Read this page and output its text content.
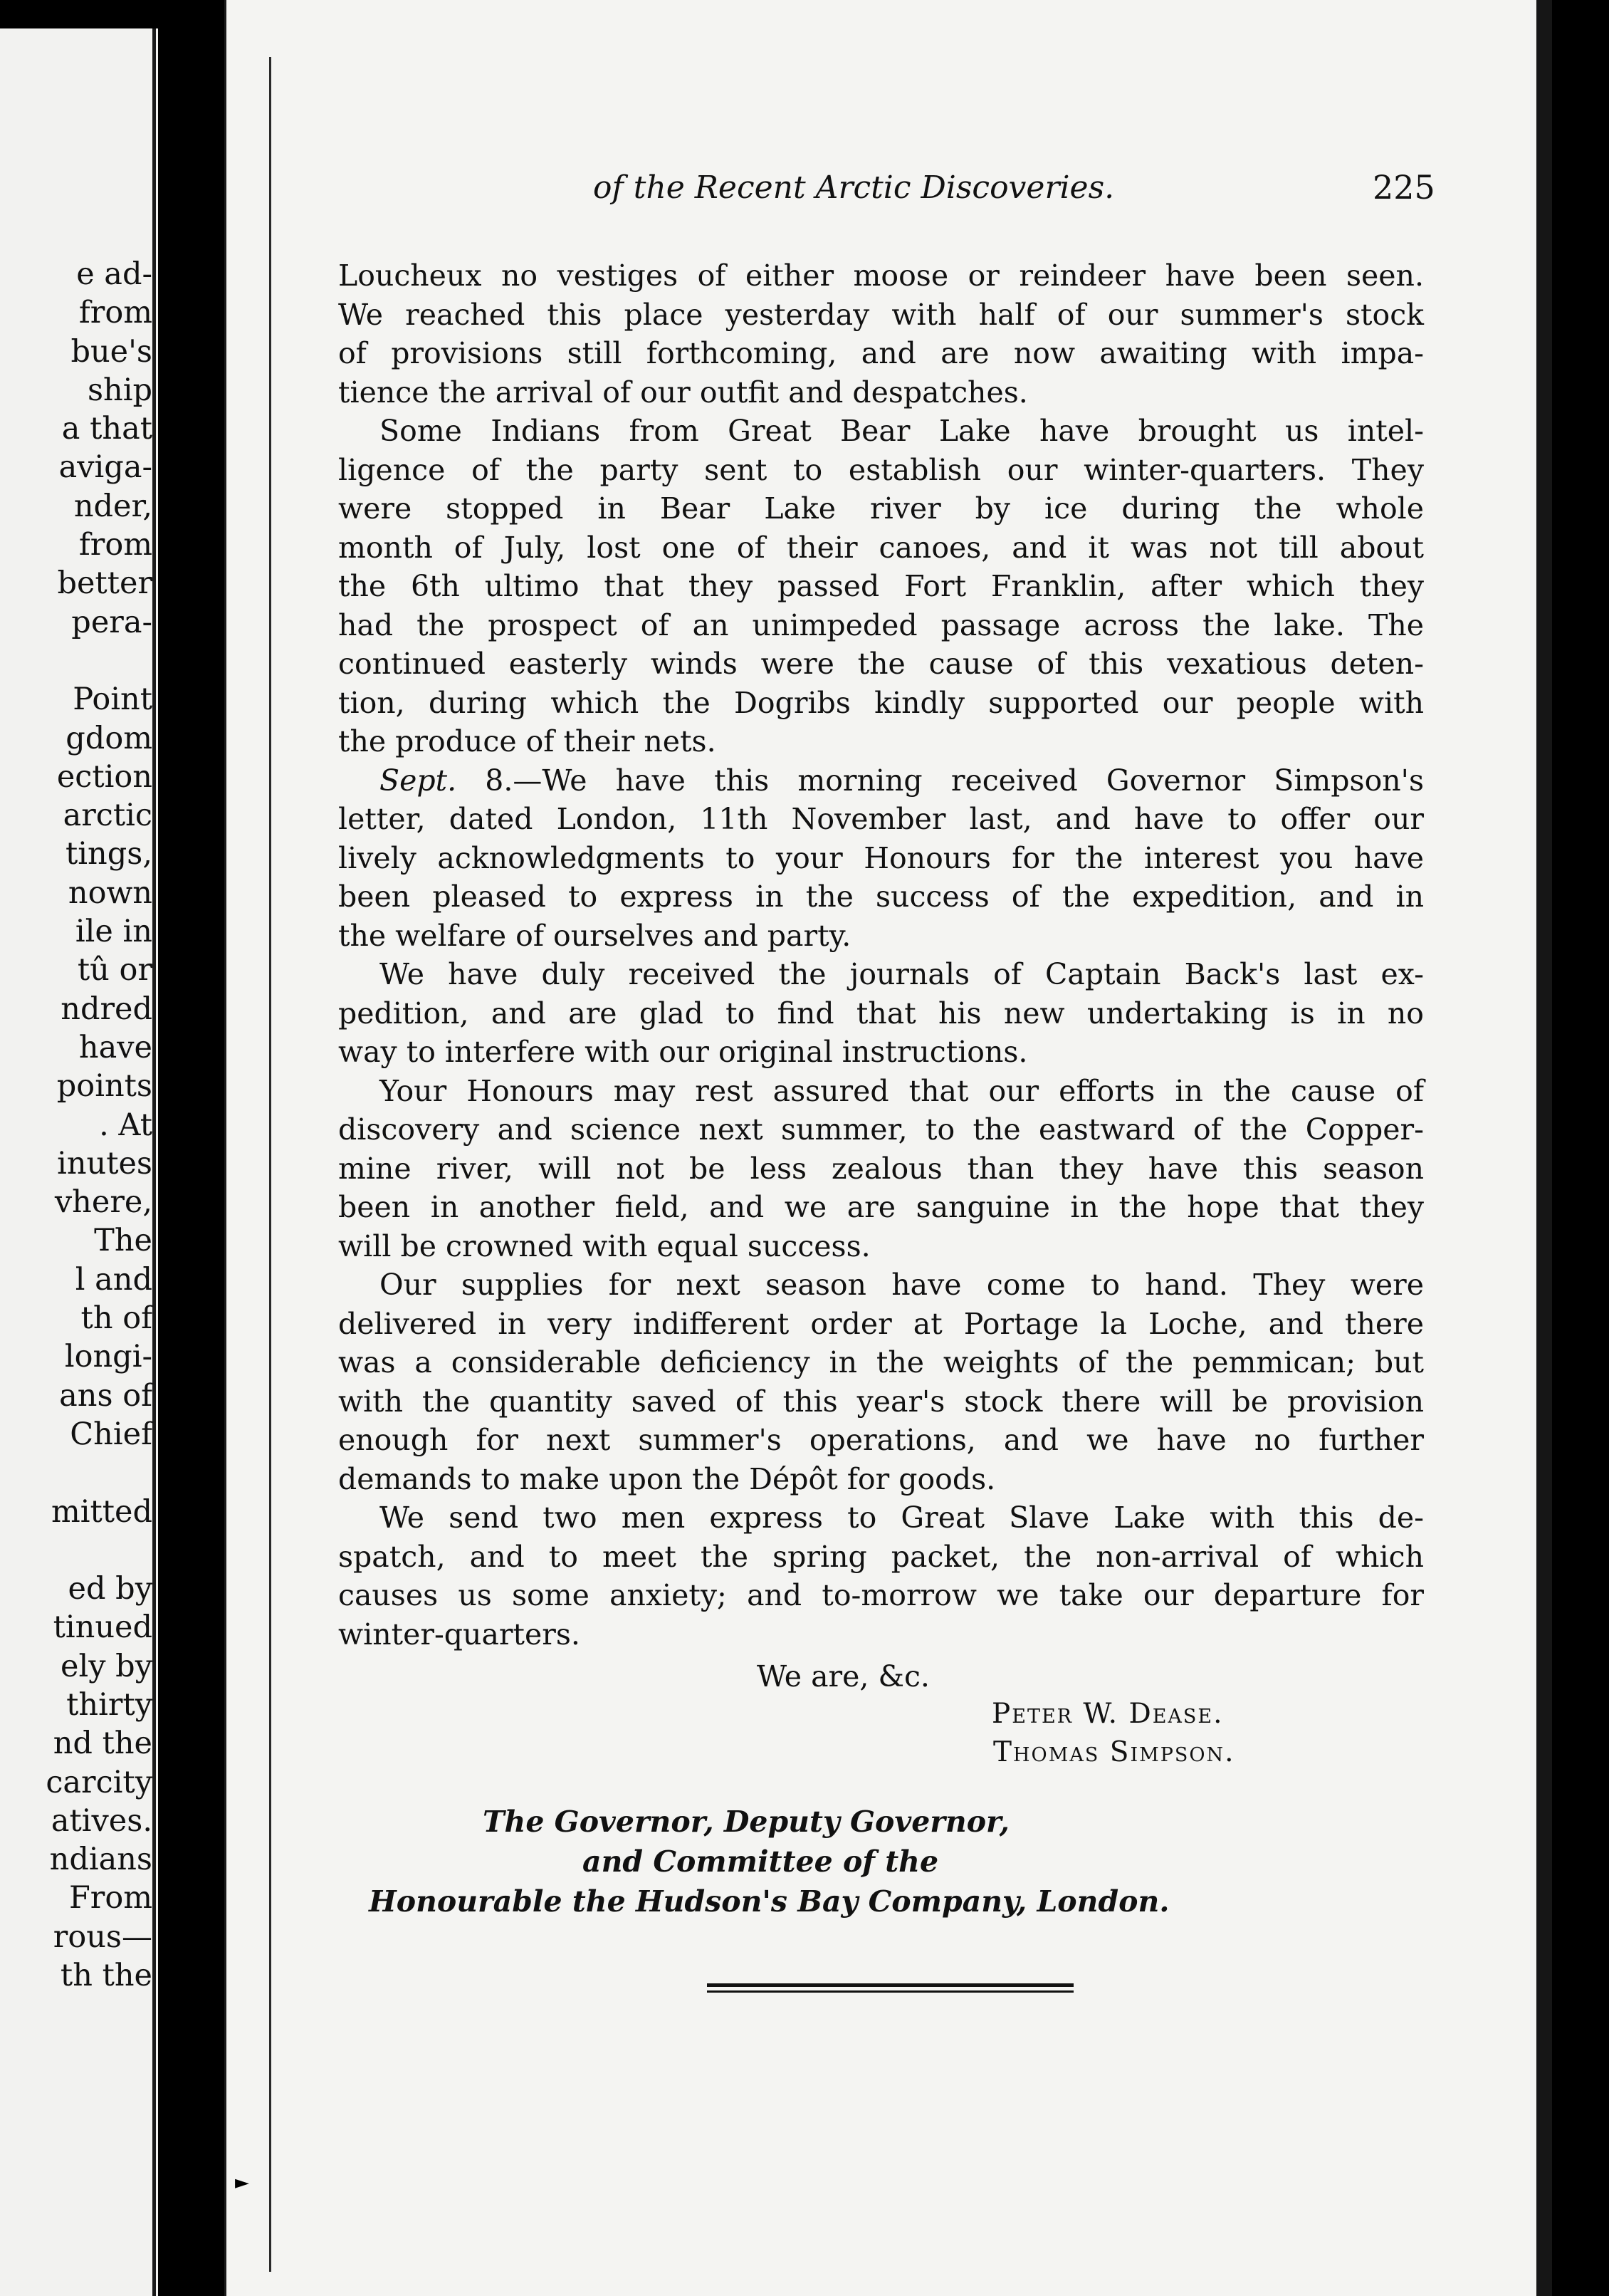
e ad-
from
bue's
ship
a that
aviga-
nder,
from
better
pera-
Point
gdom
ection
arctic
tings,
nown
ile in
tû or
ndred
have
points
. At
inutes
vhere,
The
l and
th of
longi-
ans of
Chief
mitted
ed by
tinued
ely by
thirty
nd the
carcity
atives.
ndians
From
rous—
th the
of the Recent Arctic Discoveries.	225
Loucheux no vestiges of either moose or reindeer have been seen.
We reached this place yesterday with half of our summer's stock
of provisions still forthcoming, and are now awaiting with impa-
tience the arrival of our outfit and despatches.
Some Indians from Great Bear Lake have brought us intel-
ligence of the party sent to establish our winter-quarters. They
were stopped in Bear Lake river by ice during the whole
month of July, lost one of their canoes, and it was not till about
the 6th ultimo that they passed Fort Franklin, after which they
had the prospect of an unimpeded passage across the lake. The
continued easterly winds were the cause of this vexatious deten-
tion, during which the Dogribs kindly supported our people with
the produce of their nets.
Sept. 8.—We have this morning received Governor Simpson's
letter, dated London, 11th November last, and have to offer our
lively acknowledgments to your Honours for the interest you have
been pleased to express in the success of the expedition, and in
the welfare of ourselves and party.
We have duly received the journals of Captain Back's last ex-
pedition, and are glad to find that his new undertaking is in no
way to interfere with our original instructions.
Your Honours may rest assured that our efforts in the cause of
discovery and science next summer, to the eastward of the Copper-
mine river, will not be less zealous than they have this season
been in another field, and we are sanguine in the hope that they
will be crowned with equal success.
Our supplies for next season have come to hand. They were
delivered in very indifferent order at Portage la Loche, and there
was a considerable deficiency in the weights of the pemmican; but
with the quantity saved of this year's stock there will be provision
enough for next summer's operations, and we have no further
demands to make upon the Dépôt for goods.
We send two men express to Great Slave Lake with this de-
spatch, and to meet the spring packet, the non-arrival of which
causes us some anxiety; and to-morrow we take our departure for
winter-quarters.
We are, &c.
Peter W. Dease.
Thomas Simpson.
The Governor, Deputy Governor,
and Committee of the
Honourable the Hudson's Bay Company, London.
►
